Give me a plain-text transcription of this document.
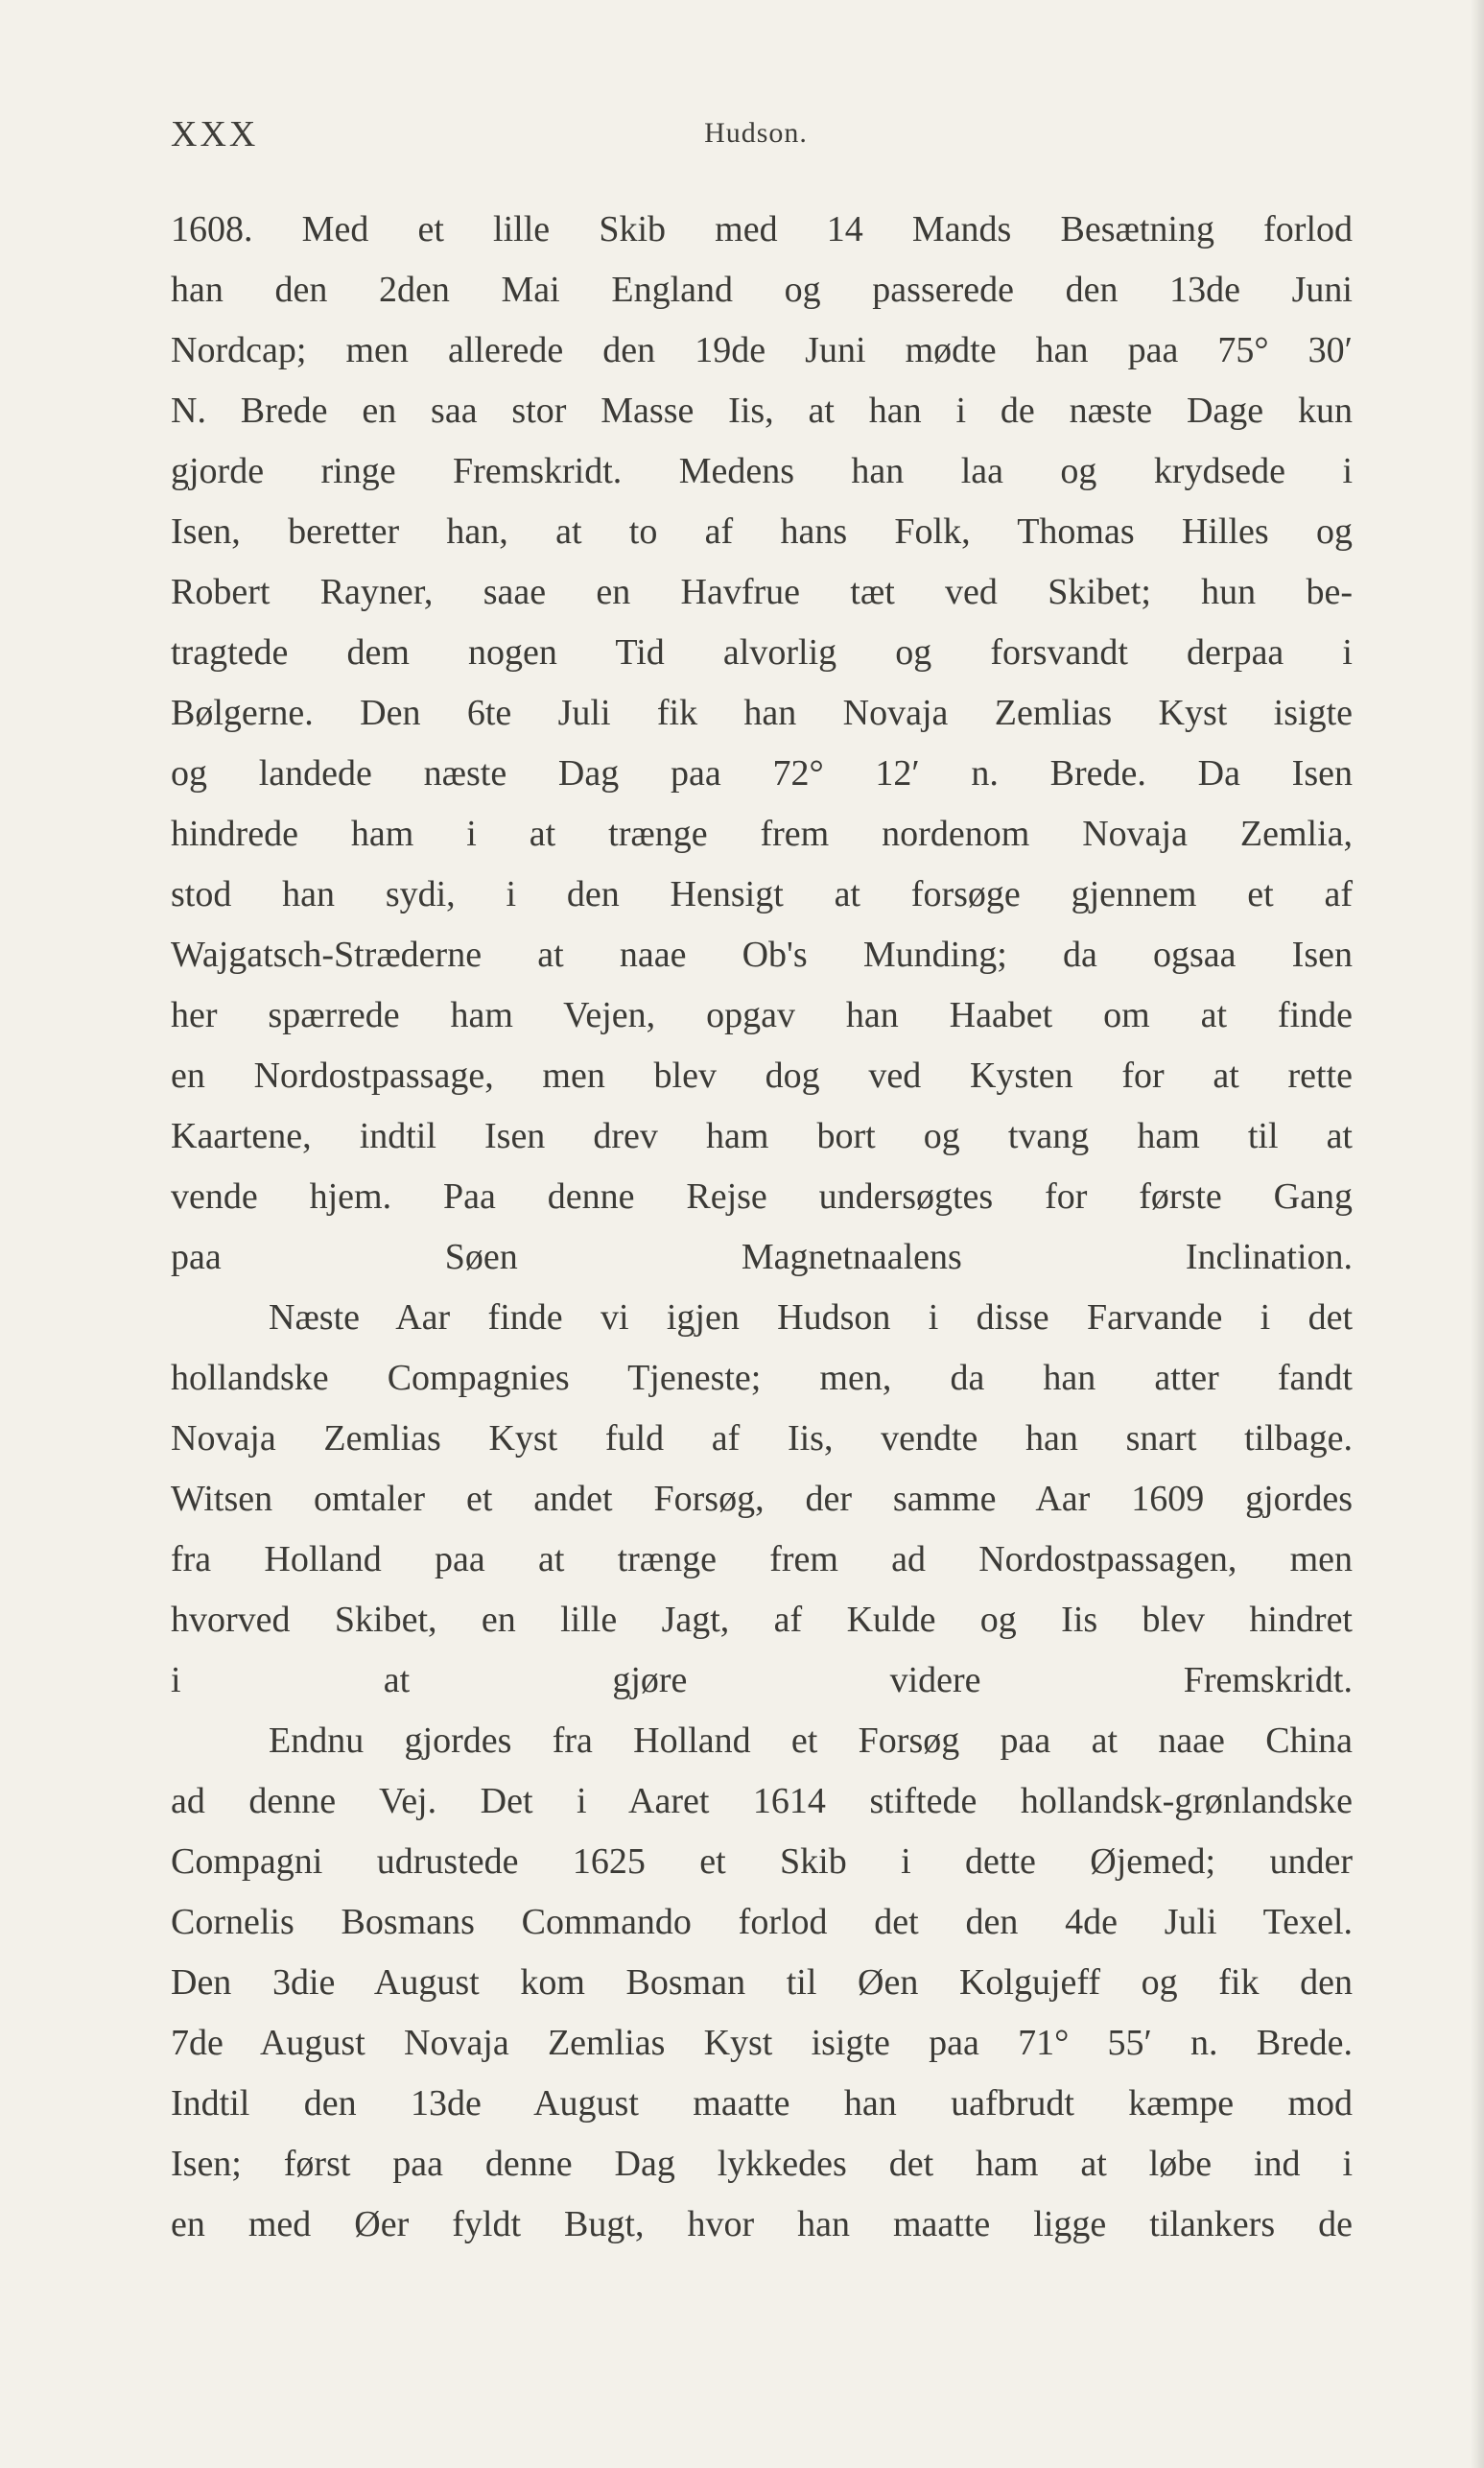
XXX	Hudson.
1608. Med et lille Skib med 14 Mands Besætning forlod
han den 2den Mai England og passerede den 13de Juni
Nordcap; men allerede den 19de Juni mødte han paa 75° 30′
N. Brede en saa stor Masse Iis, at han i de næste Dage kun
gjorde ringe Fremskridt. Medens han laa og krydsede i
Isen, beretter han, at to af hans Folk, Thomas Hilles og
Robert Rayner, saae en Havfrue tæt ved Skibet; hun be-
tragtede dem nogen Tid alvorlig og forsvandt derpaa i
Bølgerne. Den 6te Juli fik han Novaja Zemlias Kyst isigte
og landede næste Dag paa 72° 12′ n. Brede. Da Isen
hindrede ham i at trænge frem nordenom Novaja Zemlia,
stod han sydi, i den Hensigt at forsøge gjennem et af
Wajgatsch-Stræderne at naae Ob's Munding; da ogsaa Isen
her spærrede ham Vejen, opgav han Haabet om at finde
en Nordostpassage, men blev dog ved Kysten for at rette
Kaartene, indtil Isen drev ham bort og tvang ham til at
vende hjem. Paa denne Rejse undersøgtes for første Gang
paa Søen Magnetnaalens Inclination.
Næste Aar finde vi igjen Hudson i disse Farvande i det
hollandske Compagnies Tjeneste; men, da han atter fandt
Novaja Zemlias Kyst fuld af Iis, vendte han snart tilbage.
Witsen omtaler et andet Forsøg, der samme Aar 1609 gjordes
fra Holland paa at trænge frem ad Nordostpassagen, men
hvorved Skibet, en lille Jagt, af Kulde og Iis blev hindret
i at gjøre videre Fremskridt.
Endnu gjordes fra Holland et Forsøg paa at naae China
ad denne Vej. Det i Aaret 1614 stiftede hollandsk-grønlandske
Compagni udrustede 1625 et Skib i dette Øjemed; under
Cornelis Bosmans Commando forlod det den 4de Juli Texel.
Den 3die August kom Bosman til Øen Kolgujeff og fik den
7de August Novaja Zemlias Kyst isigte paa 71° 55′ n. Brede.
Indtil den 13de August maatte han uafbrudt kæmpe mod
Isen; først paa denne Dag lykkedes det ham at løbe ind i
en med Øer fyldt Bugt, hvor han maatte ligge tilankers de
